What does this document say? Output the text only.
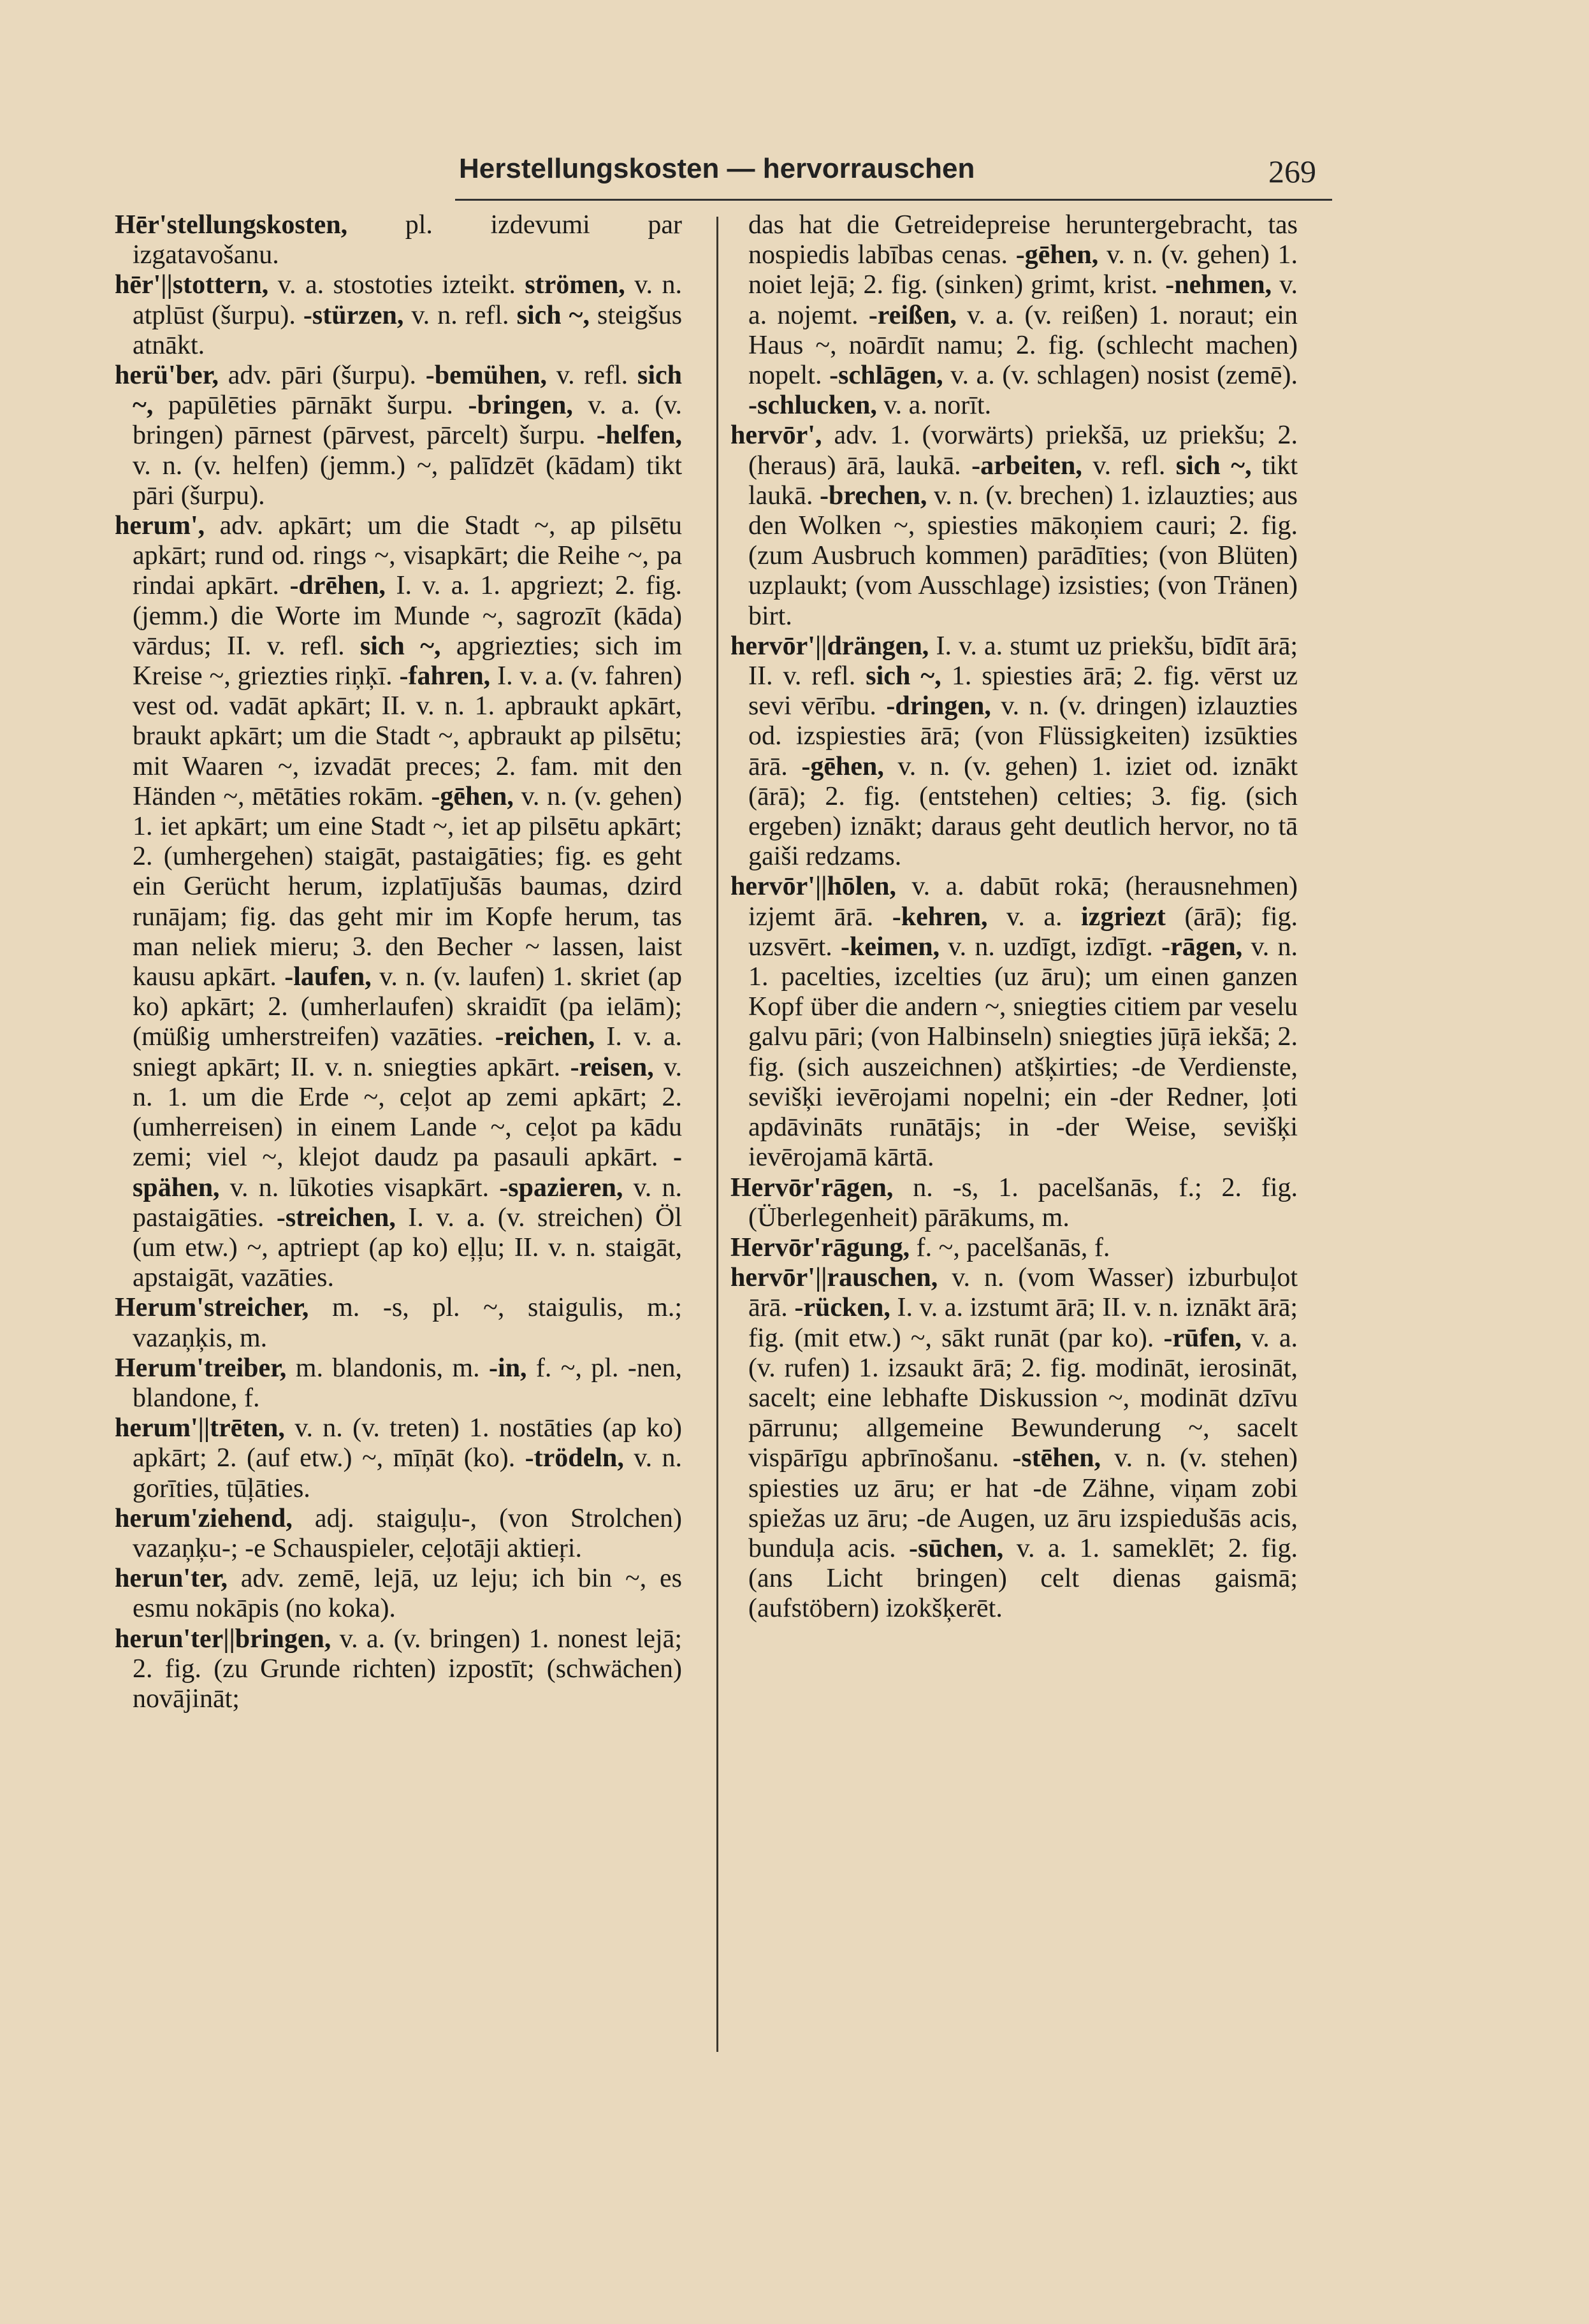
Herstellungskosten — hervorrauschen	269

Hēr'stellungskosten, pl. izdevumi par izgatavošanu.

hēr'||stottern, v. a. stostoties izteikt. strömen, v. n. atplūst (šurpu). -stürzen, v. n. refl. sich ~, steigšus atnākt.

herü'ber, adv. pāri (šurpu). -bemühen, v. refl. sich ~, papūlēties pārnākt šurpu. -bringen, v. a. (v. bringen) pārnest (pārvest, pārcelt) šurpu. -helfen, v. n. (v. helfen) (jemm.) ~, palīdzēt (kādam) tikt pāri (šurpu).

herum', adv. apkārt; um die Stadt ~, ap pilsētu apkārt; rund od. rings ~, visapkārt; die Reihe ~, pa rindai apkārt. -drēhen, I. v. a. 1. apgriezt; 2. fig. (jemm.) die Worte im Munde ~, sagrozīt (kāda) vārdus; II. v. refl. sich ~, apgriezties; sich im Kreise ~, griezties riņķī. -fahren, I. v. a. (v. fahren) vest od. vadāt apkārt; II. v. n. 1. apbraukt apkārt, braukt apkārt; um die Stadt ~, apbraukt ap pilsētu; mit Waaren ~, izvadāt preces; 2. fam. mit den Händen ~, mētāties rokām. -gēhen, v. n. (v. gehen) 1. iet apkārt; um eine Stadt ~, iet ap pilsētu apkārt; 2. (umhergehen) staigāt, pastaigāties; fig. es geht ein Gerücht herum, izplatījušās baumas, dzird runājam; fig. das geht mir im Kopfe herum, tas man neliek mieru; 3. den Becher ~ lassen, laist kausu apkārt. -laufen, v. n. (v. laufen) 1. skriet (ap ko) apkārt; 2. (umherlaufen) skraidīt (pa ielām); (müßig umherstreifen) vazāties. -reichen, I. v. a. sniegt apkārt; II. v. n. sniegties apkārt. -reisen, v. n. 1. um die Erde ~, ceļot ap zemi apkārt; 2. (umherreisen) in einem Lande ~, ceļot pa kādu zemi; viel ~, klejot daudz pa pasauli apkārt. -spähen, v. n. lūkoties visapkārt. -spazieren, v. n. pastaigāties. -streichen, I. v. a. (v. streichen) Öl (um etw.) ~, aptriept (ap ko) eļļu; II. v. n. staigāt, apstaigāt, vazāties.

Herum'streicher, m. -s, pl. ~, staigulis, m.; vazaņķis, m.

Herum'treiber, m. blandonis, m. -in, f. ~, pl. -nen, blandone, f.

herum'||trēten, v. n. (v. treten) 1. nostāties (ap ko) apkārt; 2. (auf etw.) ~, mīņāt (ko). -trödeln, v. n. gorīties, tūļāties.

herum'ziehend, adj. staiguļu-, (von Strolchen) vazaņķu-; -e Schauspieler, ceļotāji aktieŗi.

herun'ter, adv. zemē, lejā, uz leju; ich bin ~, es esmu nokāpis (no koka).

herun'ter||bringen, v. a. (v. bringen) 1. nonest lejā; 2. fig. (zu Grunde richten) izpostīt; (schwächen) novājināt;

das hat die Getreidepreise heruntergebracht, tas nospiedis labības cenas. -gēhen, v. n. (v. gehen) 1. noiet lejā; 2. fig. (sinken) grimt, krist. -nehmen, v. a. nojemt. -reißen, v. a. (v. reißen) 1. noraut; ein Haus ~, noārdīt namu; 2. fig. (schlecht machen) nopelt. -schlāgen, v. a. (v. schlagen) nosist (zemē). -schlucken, v. a. norīt.

hervōr', adv. 1. (vorwärts) priekšā, uz priekšu; 2. (heraus) ārā, laukā. -arbeiten, v. refl. sich ~, tikt laukā. -brechen, v. n. (v. brechen) 1. izlauzties; aus den Wolken ~, spiesties mākoņiem cauri; 2. fig. (zum Ausbruch kommen) parādīties; (von Blüten) uzplaukt; (vom Ausschlage) izsisties; (von Tränen) birt.

hervōr'||drängen, I. v. a. stumt uz priekšu, bīdīt ārā; II. v. refl. sich ~, 1. spiesties ārā; 2. fig. vērst uz sevi vērību. -dringen, v. n. (v. dringen) izlauzties od. izspiesties ārā; (von Flüssigkeiten) izsūkties ārā. -gēhen, v. n. (v. gehen) 1. iziet od. iznākt (ārā); 2. fig. (entstehen) celties; 3. fig. (sich ergeben) iznākt; daraus geht deutlich hervor, no tā gaiši redzams.

hervōr'||hōlen, v. a. dabūt rokā; (herausnehmen) izjemt ārā. -kehren, v. a. izgriezt (ārā); fig. uzsvērt. -keimen, v. n. uzdīgt, izdīgt. -rāgen, v. n. 1. pacelties, izcelties (uz āru); um einen ganzen Kopf über die andern ~, sniegties citiem par veselu galvu pāri; (von Halbinseln) sniegties jūŗā iekšā; 2. fig. (sich auszeichnen) atšķirties; -de Verdienste, sevišķi ievērojami nopelni; ein -der Redner, ļoti apdāvināts runātājs; in -der Weise, sevišķi ievērojamā kārtā.

Hervōr'rāgen, n. -s, 1. pacelšanās, f.; 2. fig. (Überlegenheit) pārākums, m.

Hervōr'rāgung, f. ~, pacelšanās, f.

hervōr'||rauschen, v. n. (vom Wasser) izburbuļot ārā. -rücken, I. v. a. izstumt ārā; II. v. n. iznākt ārā; fig. (mit etw.) ~, sākt runāt (par ko). -rūfen, v. a. (v. rufen) 1. izsaukt ārā; 2. fig. modināt, ierosināt, sacelt; eine lebhafte Diskussion ~, modināt dzīvu pārrunu; allgemeine Bewunderung ~, sacelt vispārīgu apbrīnošanu. -stēhen, v. n. (v. stehen) spiesties uz āru; er hat -de Zähne, viņam zobi spiežas uz āru; -de Augen, uz āru izspiedušās acis, bunduļa acis. -sūchen, v. a. 1. sameklēt; 2. fig. (ans Licht bringen) celt dienas gaismā; (aufstöbern) izokšķerēt.
